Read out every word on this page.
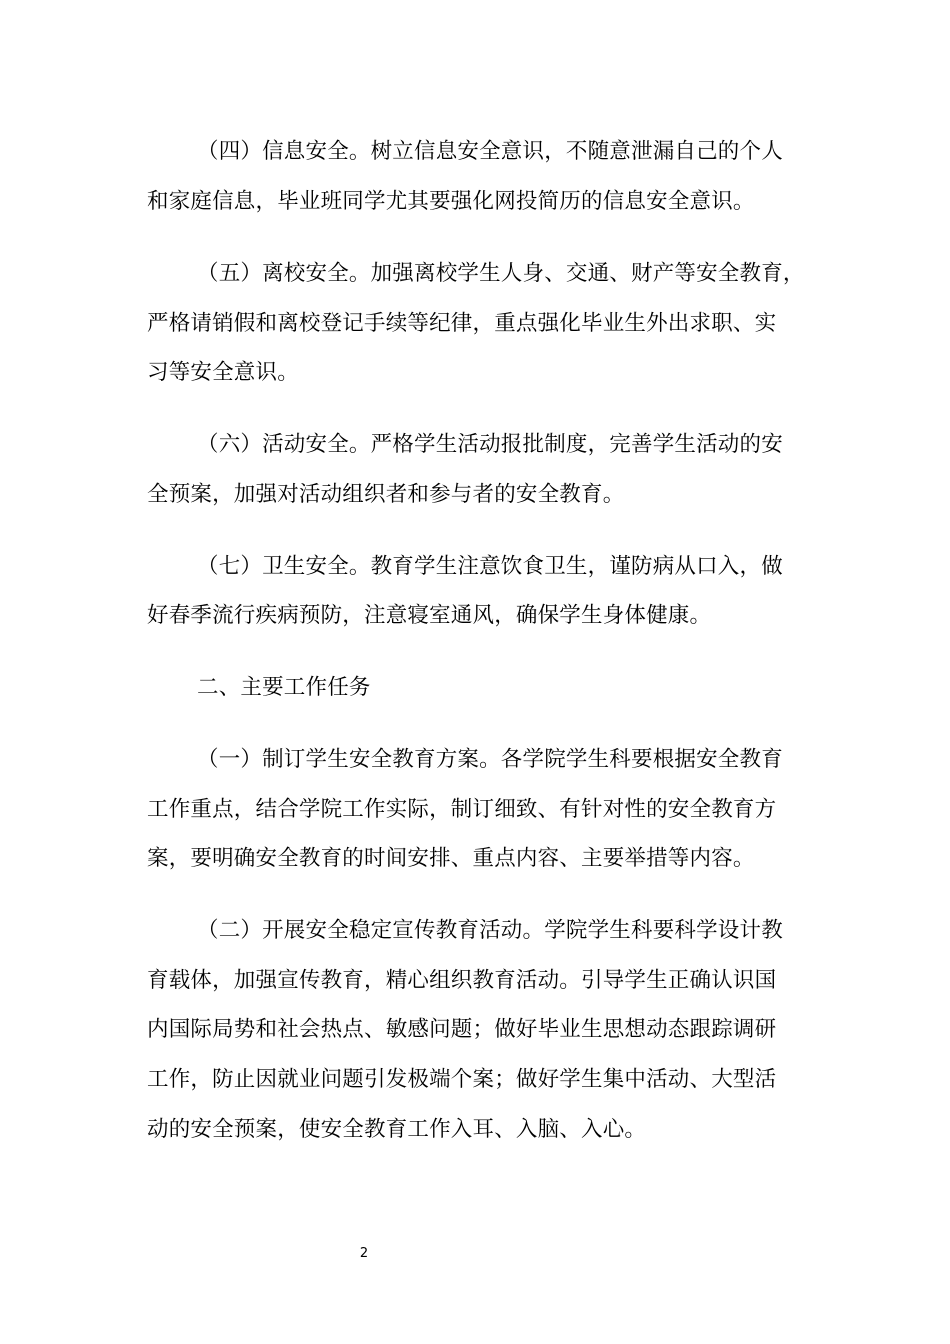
（四）信息安全。树立信息安全意识，不随意泄漏自己的个人
和家庭信息，毕业班同学尤其要强化网投简历的信息安全意识。
（五）离校安全。加强离校学生人身、交通、财产等安全教育，
严格请销假和离校登记手续等纪律，重点强化毕业生外出求职、实
习等安全意识。
（六）活动安全。严格学生活动报批制度，完善学生活动的安
全预案，加强对活动组织者和参与者的安全教育。
（七）卫生安全。教育学生注意饮食卫生，谨防病从口入，做
好春季流行疾病预防，注意寝室通风，确保学生身体健康。
二、主要工作任务
（一）制订学生安全教育方案。各学院学生科要根据安全教育
工作重点，结合学院工作实际，制订细致、有针对性的安全教育方
案，要明确安全教育的时间安排、重点内容、主要举措等内容。
（二）开展安全稳定宣传教育活动。学院学生科要科学设计教
育载体，加强宣传教育，精心组织教育活动。引导学生正确认识国
内国际局势和社会热点、敏感问题；做好毕业生思想动态跟踪调研
工作，防止因就业问题引发极端个案；做好学生集中活动、大型活
动的安全预案，使安全教育工作入耳、入脑、入心。
2
